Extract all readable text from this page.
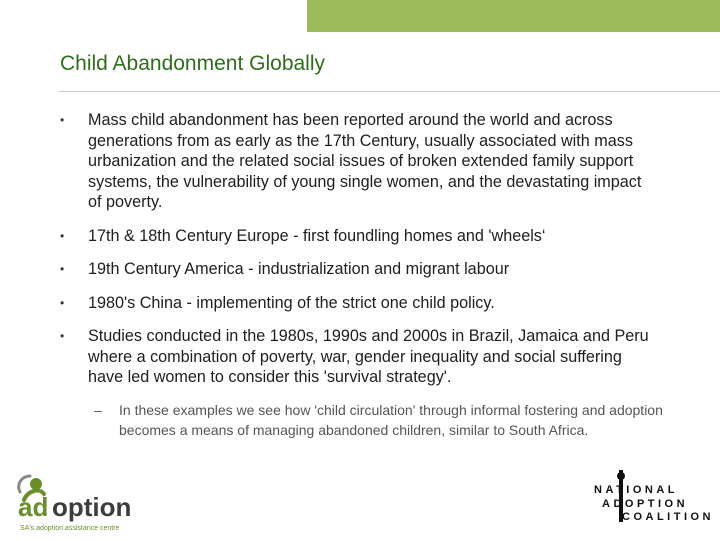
Child Abandonment Globally
• Mass child abandonment has been reported around the world and across generations from as early as the 17th Century, usually associated with mass urbanization and the related social issues of broken extended family support systems, the vulnerability of young single women, and the devastating impact of poverty.
• 17th & 18th Century Europe - first foundling homes and 'wheels‘
• 19th Century America - industrialization and migrant labour
• 1980's China - implementing of the strict one child policy.
• Studies conducted in the 1980s, 1990s and 2000s in Brazil, Jamaica and Peru where a combination of poverty, war, gender inequality and social suffering have led women to consider this 'survival strategy'.
– In these examples we see how 'child circulation' through informal fostering and adoption becomes a means of managing abandoned children, similar to South Africa.
ad option
SA's adoption assistance centre
NATIONAL
ADOPTION
COALITION
